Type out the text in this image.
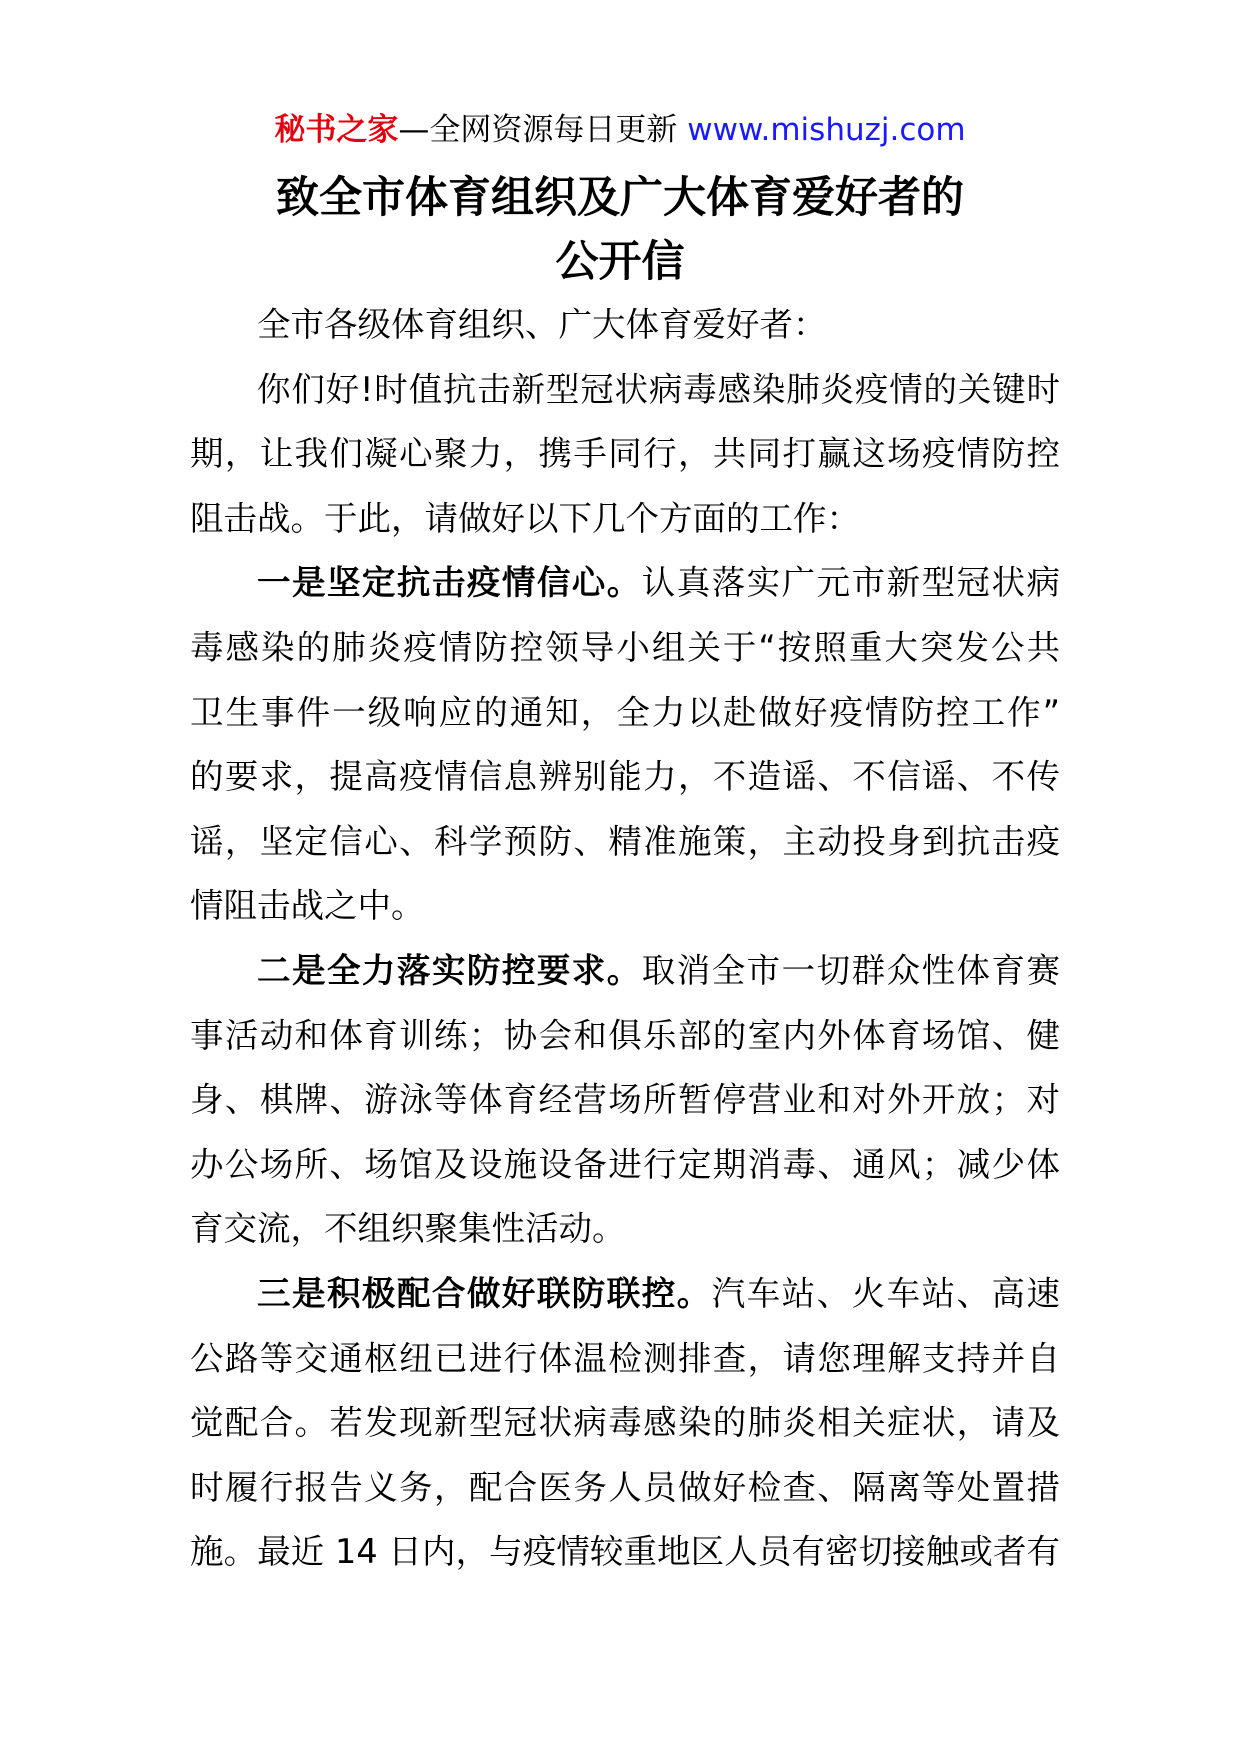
秘书之家—全网资源每日更新 www.mishuzj.com
致全市体育组织及广大体育爱好者的
公开信
全市各级体育组织、广大体育爱好者：
你们好!时值抗击新型冠状病毒感染肺炎疫情的关键时
期，让我们凝心聚力，携手同行，共同打赢这场疫情防控
阻击战。于此，请做好以下几个方面的工作：
一是坚定抗击疫情信心。认真落实广元市新型冠状病
毒感染的肺炎疫情防控领导小组关于“按照重大突发公共
卫生事件一级响应的通知，全力以赴做好疫情防控工作”
的要求，提高疫情信息辨别能力，不造谣、不信谣、不传
谣，坚定信心、科学预防、精准施策，主动投身到抗击疫
情阻击战之中。
二是全力落实防控要求。取消全市一切群众性体育赛
事活动和体育训练；协会和俱乐部的室内外体育场馆、健
身、棋牌、游泳等体育经营场所暂停营业和对外开放；对
办公场所、场馆及设施设备进行定期消毒、通风；减少体
育交流，不组织聚集性活动。
三是积极配合做好联防联控。汽车站、火车站、高速
公路等交通枢纽已进行体温检测排查，请您理解支持并自
觉配合。若发现新型冠状病毒感染的肺炎相关症状，请及
时履行报告义务，配合医务人员做好检查、隔离等处置措
施。最近 14 日内，与疫情较重地区人员有密切接触或者有
